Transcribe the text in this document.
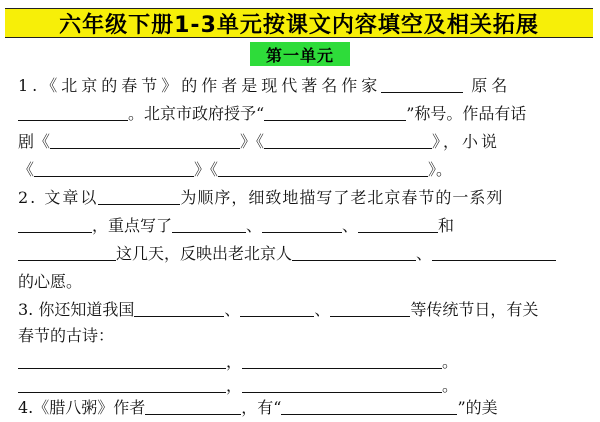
六年级下册1-3单元按课文内容填空及相关拓展
第一单元
1.《北京的春节》的作者是现代著名作家	原名
。北京市政府授予“	”称号。作品有话
剧《	》《	》，小说
《	》《	》。
2. 文章以	为顺序，细致地描写了老北京春节的一系列
，重点写了	、	、	和
这几天，反映出老北京人	、
的心愿。
3. 你还知道我国	、	、	等传统节日，有关
春节的古诗：
，	。
，	。
4.《腊八粥》作者	，有“	”的美
